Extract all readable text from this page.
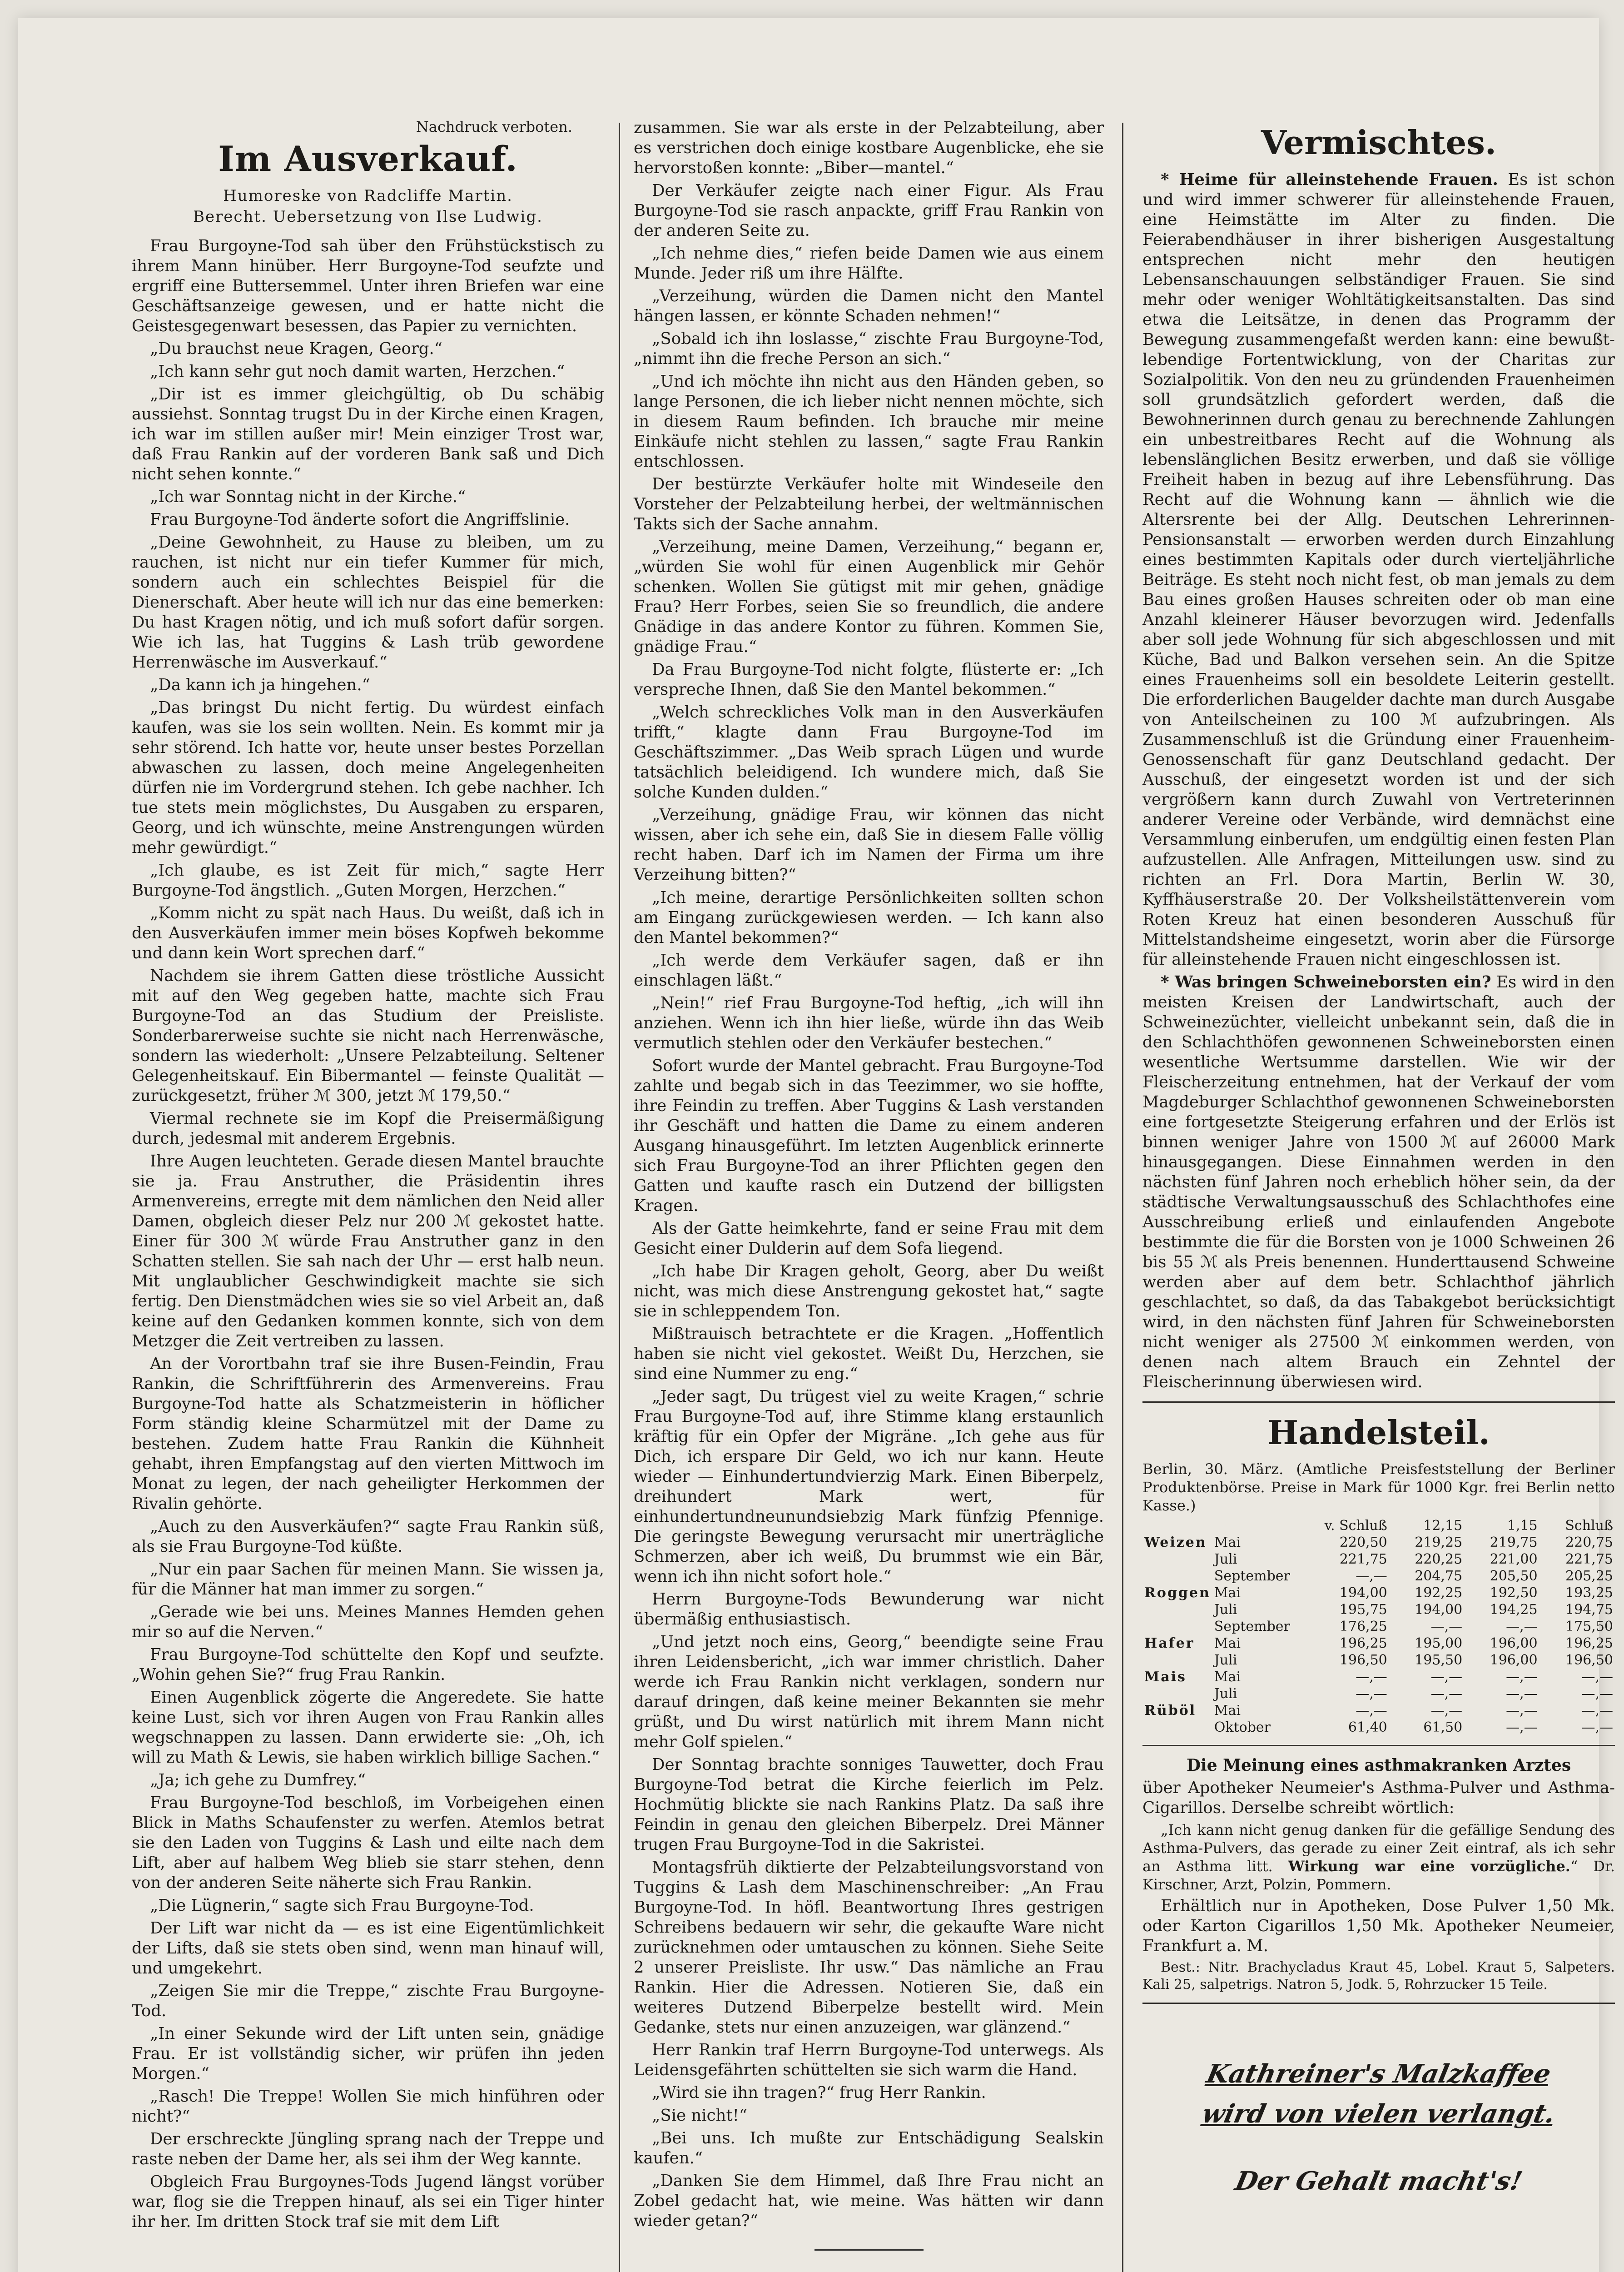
Nachdruck verboten.
Im Ausverkauf.
Humoreske von Radcliffe Martin.
Berecht. Uebersetzung von Ilse Ludwig.

Frau Burgoyne-Tod sah über den Frühstückstisch zu ihrem Mann hinüber. Herr Burgoyne-Tod seufzte und ergriff eine Buttersemmel. Unter ihren Briefen war eine Geschäftsanzeige gewesen, und er hatte nicht die Geistesgegenwart besessen, das Papier zu vernichten.

„Du brauchst neue Kragen, Georg.“

„Ich kann sehr gut noch damit warten, Herzchen.“

„Dir ist es immer gleichgültig, ob Du schäbig aussiehst. Sonntag trugst Du in der Kirche einen Kragen, ich war im stillen außer mir! Mein einziger Trost war, daß Frau Rankin auf der vorderen Bank saß und Dich nicht sehen konnte.“

„Ich war Sonntag nicht in der Kirche.“

Frau Burgoyne-Tod änderte sofort die Angriffslinie.

„Deine Gewohnheit, zu Hause zu bleiben, um zu rauchen, ist nicht nur ein tiefer Kummer für mich, sondern auch ein schlechtes Beispiel für die Dienerschaft. Aber heute will ich nur das eine bemerken: Du hast Kragen nötig, und ich muß sofort dafür sorgen. Wie ich las, hat Tuggins & Lash trüb gewordene Herrenwäsche im Ausverkauf.“

„Da kann ich ja hingehen.“

„Das bringst Du nicht fertig. Du würdest einfach kaufen, was sie los sein wollten. Nein. Es kommt mir ja sehr störend. Ich hatte vor, heute unser bestes Porzellan abwaschen zu lassen, doch meine Angelegenheiten dürfen nie im Vordergrund stehen. Ich gebe nachher. Ich tue stets mein möglichstes, Du Ausgaben zu ersparen, Georg, und ich wünschte, meine Anstrengungen würden mehr gewürdigt.“

„Ich glaube, es ist Zeit für mich,“ sagte Herr Burgoyne-Tod ängstlich. „Guten Morgen, Herzchen.“

„Komm nicht zu spät nach Haus. Du weißt, daß ich in den Ausverkäufen immer mein böses Kopfweh bekomme und dann kein Wort sprechen darf.“

Nachdem sie ihrem Gatten diese tröstliche Aussicht mit auf den Weg gegeben hatte, machte sich Frau Burgoyne-Tod an das Studium der Preisliste. Sonderbarerweise suchte sie nicht nach Herrenwäsche, sondern las wiederholt: „Unsere Pelzabteilung. Seltener Gelegenheitskauf. Ein Bibermantel — feinste Qualität — zurückgesetzt, früher ℳ 300, jetzt ℳ 179,50.“

Viermal rechnete sie im Kopf die Preisermäßigung durch, jedesmal mit anderem Ergebnis.

Ihre Augen leuchteten. Gerade diesen Mantel brauchte sie ja. Frau Anstruther, die Präsidentin ihres Armenvereins, erregte mit dem nämlichen den Neid aller Damen, obgleich dieser Pelz nur 200 ℳ gekostet hatte. Einer für 300 ℳ würde Frau Anstruther ganz in den Schatten stellen. Sie sah nach der Uhr — erst halb neun. Mit unglaublicher Geschwindigkeit machte sie sich fertig. Den Dienstmädchen wies sie so viel Arbeit an, daß keine auf den Gedanken kommen konnte, sich von dem Metzger die Zeit vertreiben zu lassen.

An der Vorortbahn traf sie ihre Busen-Feindin, Frau Rankin, die Schriftführerin des Armenvereins. Frau Burgoyne-Tod hatte als Schatzmeisterin in höflicher Form ständig kleine Scharmützel mit der Dame zu bestehen. Zudem hatte Frau Rankin die Kühnheit gehabt, ihren Empfangstag auf den vierten Mittwoch im Monat zu legen, der nach geheiligter Herkommen der Rivalin gehörte.

„Auch zu den Ausverkäufen?“ sagte Frau Rankin süß, als sie Frau Burgoyne-Tod küßte.

„Nur ein paar Sachen für meinen Mann. Sie wissen ja, für die Männer hat man immer zu sorgen.“

„Gerade wie bei uns. Meines Mannes Hemden gehen mir so auf die Nerven.“

Frau Burgoyne-Tod schüttelte den Kopf und seufzte. „Wohin gehen Sie?“ frug Frau Rankin.

Einen Augenblick zögerte die Angeredete. Sie hatte keine Lust, sich vor ihren Augen von Frau Rankin alles wegschnappen zu lassen. Dann erwiderte sie: „Oh, ich will zu Math & Lewis, sie haben wirklich billige Sachen.“

„Ja; ich gehe zu Dumfrey.“

Frau Burgoyne-Tod beschloß, im Vorbeigehen einen Blick in Maths Schaufenster zu werfen. Atemlos betrat sie den Laden von Tuggins & Lash und eilte nach dem Lift, aber auf halbem Weg blieb sie starr stehen, denn von der anderen Seite näherte sich Frau Rankin.

„Die Lügnerin,“ sagte sich Frau Burgoyne-Tod.

Der Lift war nicht da — es ist eine Eigentümlichkeit der Lifts, daß sie stets oben sind, wenn man hinauf will, und umgekehrt.

„Zeigen Sie mir die Treppe,“ zischte Frau Burgoyne-Tod.

„In einer Sekunde wird der Lift unten sein, gnädige Frau. Er ist vollständig sicher, wir prüfen ihn jeden Morgen.“

„Rasch! Die Treppe! Wollen Sie mich hinführen oder nicht?“

Der erschreckte Jüngling sprang nach der Treppe und raste neben der Dame her, als sei ihm der Weg kannte.

Obgleich Frau Burgoynes-Tods Jugend längst vorüber war, flog sie die Treppen hinauf, als sei ein Tiger hinter ihr her. Im dritten Stock traf sie mit dem Lift

zusammen. Sie war als erste in der Pelzabteilung, aber es verstrichen doch einige kostbare Augenblicke, ehe sie hervorstoßen konnte: „Biber—mantel.“

Der Verkäufer zeigte nach einer Figur. Als Frau Burgoyne-Tod sie rasch anpackte, griff Frau Rankin von der anderen Seite zu.

„Ich nehme dies,“ riefen beide Damen wie aus einem Munde. Jeder riß um ihre Hälfte.

„Verzeihung, würden die Damen nicht den Mantel hängen lassen, er könnte Schaden nehmen!“

„Sobald ich ihn loslasse,“ zischte Frau Burgoyne-Tod, „nimmt ihn die freche Person an sich.“

„Und ich möchte ihn nicht aus den Händen geben, so lange Personen, die ich lieber nicht nennen möchte, sich in diesem Raum befinden. Ich brauche mir meine Einkäufe nicht stehlen zu lassen,“ sagte Frau Rankin entschlossen.

Der bestürzte Verkäufer holte mit Windeseile den Vorsteher der Pelzabteilung herbei, der weltmännischen Takts sich der Sache annahm.

„Verzeihung, meine Damen, Verzeihung,“ begann er, „würden Sie wohl für einen Augenblick mir Gehör schenken. Wollen Sie gütigst mit mir gehen, gnädige Frau? Herr Forbes, seien Sie so freundlich, die andere Gnädige in das andere Kontor zu führen. Kommen Sie, gnädige Frau.“

Da Frau Burgoyne-Tod nicht folgte, flüsterte er: „Ich verspreche Ihnen, daß Sie den Mantel bekommen.“

„Welch schreckliches Volk man in den Ausverkäufen trifft,“ klagte dann Frau Burgoyne-Tod im Geschäftszimmer. „Das Weib sprach Lügen und wurde tatsächlich beleidigend. Ich wundere mich, daß Sie solche Kunden dulden.“

„Verzeihung, gnädige Frau, wir können das nicht wissen, aber ich sehe ein, daß Sie in diesem Falle völlig recht haben. Darf ich im Namen der Firma um ihre Verzeihung bitten?“

„Ich meine, derartige Persönlichkeiten sollten schon am Eingang zurückgewiesen werden. — Ich kann also den Mantel bekommen?“

„Ich werde dem Verkäufer sagen, daß er ihn einschlagen läßt.“

„Nein!“ rief Frau Burgoyne-Tod heftig, „ich will ihn anziehen. Wenn ich ihn hier ließe, würde ihn das Weib vermutlich stehlen oder den Verkäufer bestechen.“

Sofort wurde der Mantel gebracht. Frau Burgoyne-Tod zahlte und begab sich in das Teezimmer, wo sie hoffte, ihre Feindin zu treffen. Aber Tuggins & Lash verstanden ihr Geschäft und hatten die Dame zu einem anderen Ausgang hinausgeführt. Im letzten Augenblick erinnerte sich Frau Burgoyne-Tod an ihrer Pflichten gegen den Gatten und kaufte rasch ein Dutzend der billigsten Kragen.

Als der Gatte heimkehrte, fand er seine Frau mit dem Gesicht einer Dulderin auf dem Sofa liegend.

„Ich habe Dir Kragen geholt, Georg, aber Du weißt nicht, was mich diese Anstrengung gekostet hat,“ sagte sie in schleppendem Ton.

Mißtrauisch betrachtete er die Kragen. „Hoffentlich haben sie nicht viel gekostet. Weißt Du, Herzchen, sie sind eine Nummer zu eng.“

„Jeder sagt, Du trügest viel zu weite Kragen,“ schrie Frau Burgoyne-Tod auf, ihre Stimme klang erstaunlich kräftig für ein Opfer der Migräne. „Ich gehe aus für Dich, ich erspare Dir Geld, wo ich nur kann. Heute wieder — Einhundertundvierzig Mark. Einen Biberpelz, dreihundert Mark wert, für einhundertundneunundsiebzig Mark fünfzig Pfennige. Die geringste Bewegung verursacht mir unerträgliche Schmerzen, aber ich weiß, Du brummst wie ein Bär, wenn ich ihn nicht sofort hole.“

Herrn Burgoyne-Tods Bewunderung war nicht übermäßig enthusiastisch.

„Und jetzt noch eins, Georg,“ beendigte seine Frau ihren Leidensbericht, „ich war immer christlich. Daher werde ich Frau Rankin nicht verklagen, sondern nur darauf dringen, daß keine meiner Bekannten sie mehr grüßt, und Du wirst natürlich mit ihrem Mann nicht mehr Golf spielen.“

Der Sonntag brachte sonniges Tauwetter, doch Frau Burgoyne-Tod betrat die Kirche feierlich im Pelz. Hochmütig blickte sie nach Rankins Platz. Da saß ihre Feindin in genau den gleichen Biberpelz. Drei Männer trugen Frau Burgoyne-Tod in die Sakristei.

Montagsfrüh diktierte der Pelzabteilungsvorstand von Tuggins & Lash dem Maschinenschreiber: „An Frau Burgoyne-Tod. In höfl. Beantwortung Ihres gestrigen Schreibens bedauern wir sehr, die gekaufte Ware nicht zurücknehmen oder umtauschen zu können. Siehe Seite 2 unserer Preisliste. Ihr usw.“ Das nämliche an Frau Rankin. Hier die Adressen. Notieren Sie, daß ein weiteres Dutzend Biberpelze bestellt wird. Mein Gedanke, stets nur einen anzuzeigen, war glänzend.“

Herr Rankin traf Herrn Burgoyne-Tod unterwegs. Als Leidensgefährten schüttelten sie sich warm die Hand.

„Wird sie ihn tragen?“ frug Herr Rankin.

„Sie nicht!“

„Bei uns. Ich mußte zur Entschädigung Sealskin kaufen.“

„Danken Sie dem Himmel, daß Ihre Frau nicht an Zobel gedacht hat, wie meine. Was hätten wir dann wieder getan?“

Vermischtes.

* Heime für alleinstehende Frauen. Es ist schon und wird immer schwerer für alleinstehende Frauen, eine Heimstätte im Alter zu finden. Die Feierabendhäuser in ihrer bisherigen Ausgestaltung entsprechen nicht mehr den heutigen Lebensanschauungen selbständiger Frauen. Sie sind mehr oder weniger Wohltätigkeitsanstalten. Das sind etwa die Leitsätze, in denen das Programm der Bewegung zusammengefaßt werden kann: eine bewußt-lebendige Fortentwicklung, von der Charitas zur Sozialpolitik. Von den neu zu gründenden Frauenheimen soll grundsätzlich gefordert werden, daß die Bewohnerinnen durch genau zu berechnende Zahlungen ein unbestreitbares Recht auf die Wohnung als lebenslänglichen Besitz erwerben, und daß sie völlige Freiheit haben in bezug auf ihre Lebensführung. Das Recht auf die Wohnung kann — ähnlich wie die Altersrente bei der Allg. Deutschen Lehrerinnen-Pensionsanstalt — erworben werden durch Einzahlung eines bestimmten Kapitals oder durch vierteljährliche Beiträge. Es steht noch nicht fest, ob man jemals zu dem Bau eines großen Hauses schreiten oder ob man eine Anzahl kleinerer Häuser bevorzugen wird. Jedenfalls aber soll jede Wohnung für sich abgeschlossen und mit Küche, Bad und Balkon versehen sein. An die Spitze eines Frauenheims soll ein besoldete Leiterin gestellt. Die erforderlichen Baugelder dachte man durch Ausgabe von Anteilscheinen zu 100 ℳ aufzubringen. Als Zusammenschluß ist die Gründung einer Frauenheim-Genossenschaft für ganz Deutschland gedacht. Der Ausschuß, der eingesetzt worden ist und der sich vergrößern kann durch Zuwahl von Vertreterinnen anderer Vereine oder Verbände, wird demnächst eine Versammlung einberufen, um endgültig einen festen Plan aufzustellen. Alle Anfragen, Mitteilungen usw. sind zu richten an Frl. Dora Martin, Berlin W. 30, Kyffhäuserstraße 20. Der Volksheilstättenverein vom Roten Kreuz hat einen besonderen Ausschuß für Mittelstandsheime eingesetzt, worin aber die Fürsorge für alleinstehende Frauen nicht eingeschlossen ist.

* Was bringen Schweineborsten ein? Es wird in den meisten Kreisen der Landwirtschaft, auch der Schweinezüchter, vielleicht unbekannt sein, daß die in den Schlachthöfen gewonnenen Schweineborsten einen wesentliche Wertsumme darstellen. Wie wir der Fleischerzeitung entnehmen, hat der Verkauf der vom Magdeburger Schlachthof gewonnenen Schweineborsten eine fortgesetzte Steigerung erfahren und der Erlös ist binnen weniger Jahre von 1500 ℳ auf 26000 Mark hinausgegangen. Diese Einnahmen werden in den nächsten fünf Jahren noch erheblich höher sein, da der städtische Verwaltungsausschuß des Schlachthofes eine Ausschreibung erließ und einlaufenden Angebote bestimmte die für die Borsten von je 1000 Schweinen 26 bis 55 ℳ als Preis benennen. Hunderttausend Schweine werden aber auf dem betr. Schlachthof jährlich geschlachtet, so daß, da das Tabakgebot berücksichtigt wird, in den nächsten fünf Jahren für Schweineborsten nicht weniger als 27500 ℳ einkommen werden, von denen nach altem Brauch ein Zehntel der Fleischerinnung überwiesen wird.

Handelsteil.

Berlin, 30. März. (Amtliche Preisfeststellung der Berliner Produktenbörse. Preise in Mark für 1000 Kgr. frei Berlin netto Kasse.)

		v. Schluß	12,15	1,15	Schluß
Weizen	Mai	220,50	219,25	219,75	220,75
	Juli	221,75	220,25	221,00	221,75
	September	—,—	204,75	205,50	205,25
Roggen	Mai	194,00	192,25	192,50	193,25
	Juli	195,75	194,00	194,25	194,75
	September	176,25	—,—	—,—	175,50
Hafer	Mai	196,25	195,00	196,00	196,25
	Juli	196,50	195,50	196,00	196,50
Mais	Mai	—,—	—,—	—,—	—,—
	Juli	—,—	—,—	—,—	—,—
Rüböl	Mai	—,—	—,—	—,—	—,—
	Oktober	61,40	61,50	—,—	—,—

Die Meinung eines asthmakranken Arztes

über Apotheker Neumeier's Asthma-Pulver und Asthma-Cigarillos. Derselbe schreibt wörtlich:

„Ich kann nicht genug danken für die gefällige Sendung des Asthma-Pulvers, das gerade zu einer Zeit eintraf, als ich sehr an Asthma litt. Wirkung war eine vorzügliche.“ Dr. Kirschner, Arzt, Polzin, Pommern.

Erhältlich nur in Apotheken, Dose Pulver 1,50 Mk. oder Karton Cigarillos 1,50 Mk. Apotheker Neumeier, Frankfurt a. M.

Best.: Nitr. Brachycladus Kraut 45, Lobel. Kraut 5, Salpeters. Kali 25, salpetrigs. Natron 5, Jodk. 5, Rohrzucker 15 Teile.

Kathreiner's Malzkaffee
wird von vielen verlangt.
Der Gehalt macht's!
